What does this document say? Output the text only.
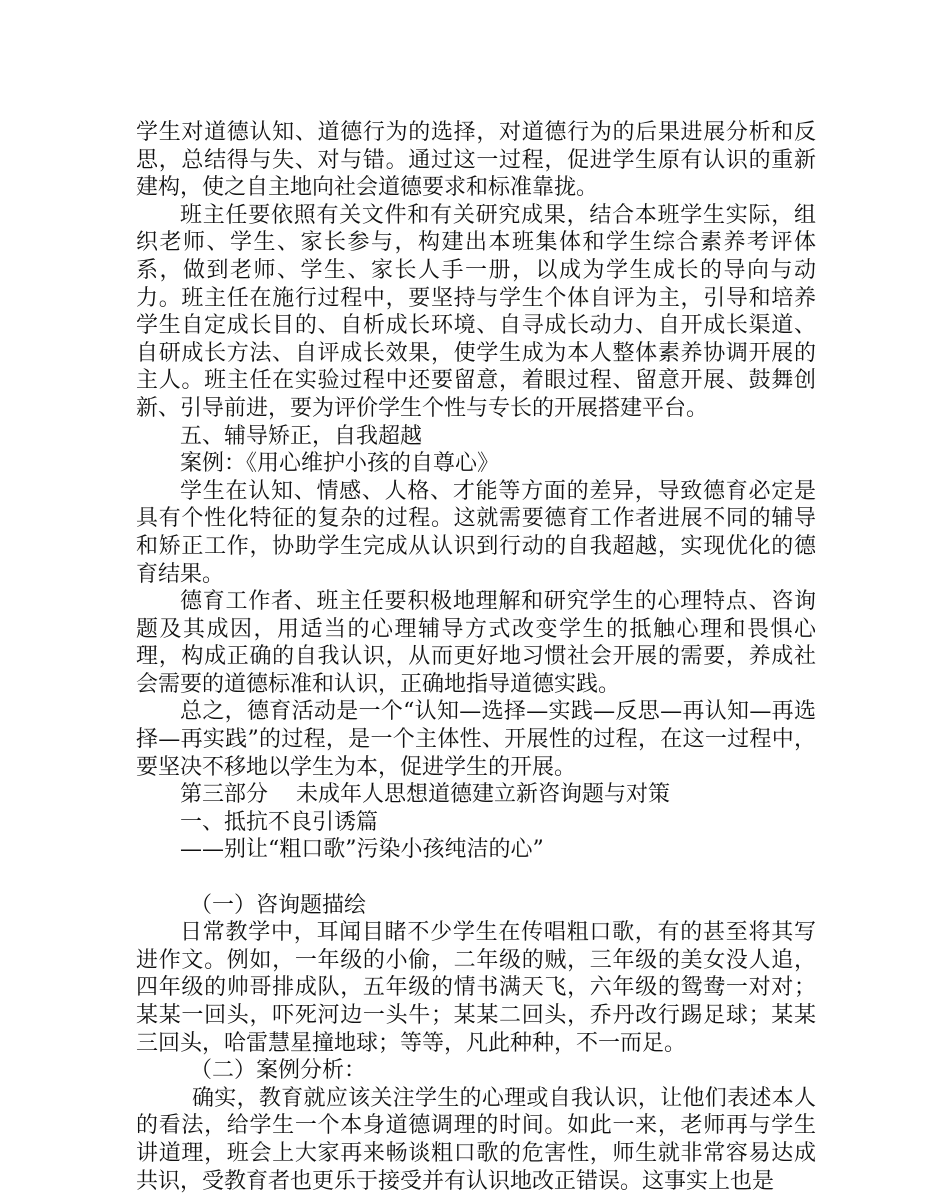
学生对道德认知、道德行为的选择，对道德行为的后果进展分析和反思，总结得与失、对与错。通过这一过程，促进学生原有认识的重新建构，使之自主地向社会道德要求和标准靠拢。

班主任要依照有关文件和有关研究成果，结合本班学生实际，组织老师、学生、家长参与，构建出本班集体和学生综合素养考评体系，做到老师、学生、家长人手一册，以成为学生成长的导向与动力。班主任在施行过程中，要坚持与学生个体自评为主，引导和培养学生自定成长目的、自析成长环境、自寻成长动力、自开成长渠道、自研成长方法、自评成长效果，使学生成为本人整体素养协调开展的主人。班主任在实验过程中还要留意，着眼过程、留意开展、鼓舞创新、引导前进，要为评价学生个性与专长的开展搭建平台。

五、辅导矫正，自我超越

案例：《用心维护小孩的自尊心》

学生在认知、情感、人格、才能等方面的差异，导致德育必定是具有个性化特征的复杂的过程。这就需要德育工作者进展不同的辅导和矫正工作，协助学生完成从认识到行动的自我超越，实现优化的德育结果。

德育工作者、班主任要积极地理解和研究学生的心理特点、咨询题及其成因，用适当的心理辅导方式改变学生的抵触心理和畏惧心理，构成正确的自我认识，从而更好地习惯社会开展的需要，养成社会需要的道德标准和认识，正确地指导道德实践。

总之，德育活动是一个“认知—选择—实践—反思—再认知—再选择—再实践”的过程，是一个主体性、开展性的过程，在这一过程中，要坚决不移地以学生为本，促进学生的开展。

第三部分    未成年人思想道德建立新咨询题与对策

一、抵抗不良引诱篇

——别让“粗口歌”污染小孩纯洁的心”

（一）咨询题描绘

日常教学中，耳闻目睹不少学生在传唱粗口歌，有的甚至将其写进作文。例如，一年级的小偷，二年级的贼，三年级的美女没人追，四年级的帅哥排成队，五年级的情书满天飞，六年级的鸳鸯一对对；某某一回头，吓死河边一头牛；某某二回头，乔丹改行踢足球；某某三回头，哈雷慧星撞地球；等等，凡此种种，不一而足。

（二）案例分析：

确实，教育就应该关注学生的心理或自我认识，让他们表述本人的看法，给学生一个本身道德调理的时间。如此一来，老师再与学生讲道理，班会上大家再来畅谈粗口歌的危害性，师生就非常容易达成共识，受教育者也更乐于接受并有认识地改正错误。这事实上也是
